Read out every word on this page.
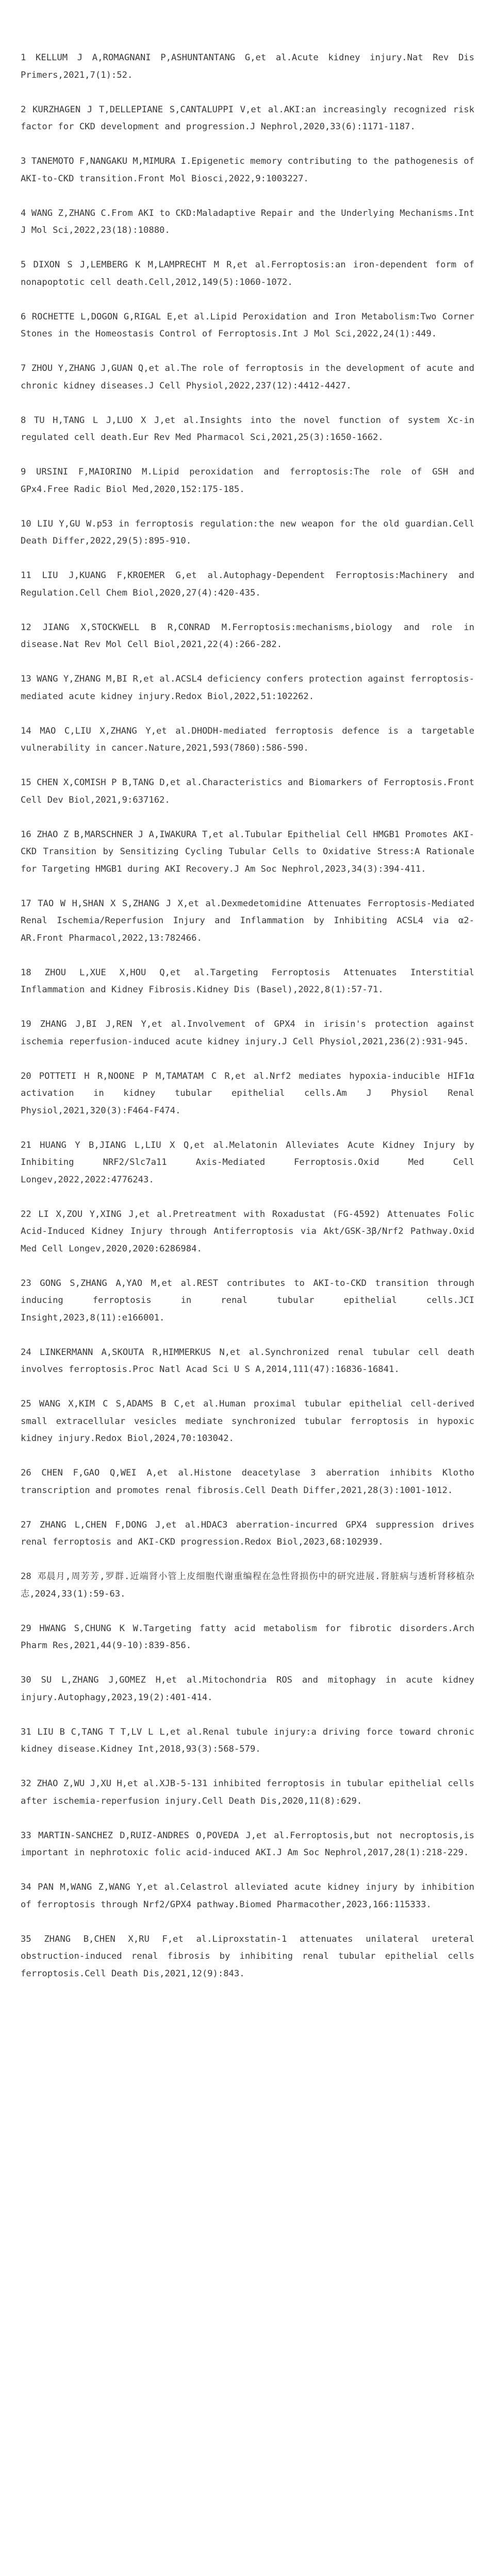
1 KELLUM J A,ROMAGNANI P,ASHUNTANTANG G,et al.Acute kidney injury.Nat Rev Dis Primers,2021,7(1):52.

2 KURZHAGEN J T,DELLEPIANE S,CANTALUPPI V,et al.AKI:an increasingly recognized risk factor for CKD development and progression.J Nephrol,2020,33(6):1171-1187.

3 TANEMOTO F,NANGAKU M,MIMURA I.Epigenetic memory contributing to the pathogenesis of AKI-to-CKD transition.Front Mol Biosci,2022,9:1003227.

4 WANG Z,ZHANG C.From AKI to CKD:Maladaptive Repair and the Underlying Mechanisms.Int J Mol Sci,2022,23(18):10880.

5 DIXON S J,LEMBERG K M,LAMPRECHT M R,et al.Ferroptosis:an iron-dependent form of nonapoptotic cell death.Cell,2012,149(5):1060-1072.

6 ROCHETTE L,DOGON G,RIGAL E,et al.Lipid Peroxidation and Iron Metabolism:Two Corner Stones in the Homeostasis Control of Ferroptosis.Int J Mol Sci,2022,24(1):449.

7 ZHOU Y,ZHANG J,GUAN Q,et al.The role of ferroptosis in the development of acute and chronic kidney diseases.J Cell Physiol,2022,237(12):4412-4427.

8 TU H,TANG L J,LUO X J,et al.Insights into the novel function of system Xc-in regulated cell death.Eur Rev Med Pharmacol Sci,2021,25(3):1650-1662.

9 URSINI F,MAIORINO M.Lipid peroxidation and ferroptosis:The role of GSH and GPx4.Free Radic Biol Med,2020,152:175-185.

10 LIU Y,GU W.p53 in ferroptosis regulation:the new weapon for the old guardian.Cell Death Differ,2022,29(5):895-910.

11 LIU J,KUANG F,KROEMER G,et al.Autophagy-Dependent Ferroptosis:Machinery and Regulation.Cell Chem Biol,2020,27(4):420-435.

12 JIANG X,STOCKWELL B R,CONRAD M.Ferroptosis:mechanisms,biology and role in disease.Nat Rev Mol Cell Biol,2021,22(4):266-282.

13 WANG Y,ZHANG M,BI R,et al.ACSL4 deficiency confers protection against ferroptosis-mediated acute kidney injury.Redox Biol,2022,51:102262.

14 MAO C,LIU X,ZHANG Y,et al.DHODH-mediated ferroptosis defence is a targetable vulnerability in cancer.Nature,2021,593(7860):586-590.

15 CHEN X,COMISH P B,TANG D,et al.Characteristics and Biomarkers of Ferroptosis.Front Cell Dev Biol,2021,9:637162.

16 ZHAO Z B,MARSCHNER J A,IWAKURA T,et al.Tubular Epithelial Cell HMGB1 Promotes AKI-CKD Transition by Sensitizing Cycling Tubular Cells to Oxidative Stress:A Rationale for Targeting HMGB1 during AKI Recovery.J Am Soc Nephrol,2023,34(3):394-411.

17 TAO W H,SHAN X S,ZHANG J X,et al.Dexmedetomidine Attenuates Ferroptosis-Mediated Renal Ischemia/Reperfusion Injury and Inflammation by Inhibiting ACSL4 via α2-AR.Front Pharmacol,2022,13:782466.

18 ZHOU L,XUE X,HOU Q,et al.Targeting Ferroptosis Attenuates Interstitial Inflammation and Kidney Fibrosis.Kidney Dis (Basel),2022,8(1):57-71.

19 ZHANG J,BI J,REN Y,et al.Involvement of GPX4 in irisin's protection against ischemia reperfusion-induced acute kidney injury.J Cell Physiol,2021,236(2):931-945.

20 POTTETI H R,NOONE P M,TAMATAM C R,et al.Nrf2 mediates hypoxia-inducible HIF1α activation in kidney tubular epithelial cells.Am J Physiol Renal Physiol,2021,320(3):F464-F474.

21 HUANG Y B,JIANG L,LIU X Q,et al.Melatonin Alleviates Acute Kidney Injury by Inhibiting NRF2/Slc7a11 Axis-Mediated Ferroptosis.Oxid Med Cell Longev,2022,2022:4776243.

22 LI X,ZOU Y,XING J,et al.Pretreatment with Roxadustat (FG-4592) Attenuates Folic Acid-Induced Kidney Injury through Antiferroptosis via Akt/GSK-3β/Nrf2 Pathway.Oxid Med Cell Longev,2020,2020:6286984.

23 GONG S,ZHANG A,YAO M,et al.REST contributes to AKI-to-CKD transition through inducing ferroptosis in renal tubular epithelial cells.JCI Insight,2023,8(11):e166001.

24 LINKERMANN A,SKOUTA R,HIMMERKUS N,et al.Synchronized renal tubular cell death involves ferroptosis.Proc Natl Acad Sci U S A,2014,111(47):16836-16841.

25 WANG X,KIM C S,ADAMS B C,et al.Human proximal tubular epithelial cell-derived small extracellular vesicles mediate synchronized tubular ferroptosis in hypoxic kidney injury.Redox Biol,2024,70:103042.

26 CHEN F,GAO Q,WEI A,et al.Histone deacetylase 3 aberration inhibits Klotho transcription and promotes renal fibrosis.Cell Death Differ,2021,28(3):1001-1012.

27 ZHANG L,CHEN F,DONG J,et al.HDAC3 aberration-incurred GPX4 suppression drives renal ferroptosis and AKI-CKD progression.Redox Biol,2023,68:102939.

28 邓晨月,周芳芳,罗群.近端肾小管上皮细胞代谢重编程在急性肾损伤中的研究进展.肾脏病与透析肾移植杂志,2024,33(1):59-63.

29 HWANG S,CHUNG K W.Targeting fatty acid metabolism for fibrotic disorders.Arch Pharm Res,2021,44(9-10):839-856.

30 SU L,ZHANG J,GOMEZ H,et al.Mitochondria ROS and mitophagy in acute kidney injury.Autophagy,2023,19(2):401-414.

31 LIU B C,TANG T T,LV L L,et al.Renal tubule injury:a driving force toward chronic kidney disease.Kidney Int,2018,93(3):568-579.

32 ZHAO Z,WU J,XU H,et al.XJB-5-131 inhibited ferroptosis in tubular epithelial cells after ischemia-reperfusion injury.Cell Death Dis,2020,11(8):629.

33 MARTIN-SANCHEZ D,RUIZ-ANDRES O,POVEDA J,et al.Ferroptosis,but not necroptosis,is important in nephrotoxic folic acid-induced AKI.J Am Soc Nephrol,2017,28(1):218-229.

34 PAN M,WANG Z,WANG Y,et al.Celastrol alleviated acute kidney injury by inhibition of ferroptosis through Nrf2/GPX4 pathway.Biomed Pharmacother,2023,166:115333.

35 ZHANG B,CHEN X,RU F,et al.Liproxstatin-1 attenuates unilateral ureteral obstruction-induced renal fibrosis by inhibiting renal tubular epithelial cells ferroptosis.Cell Death Dis,2021,12(9):843.
